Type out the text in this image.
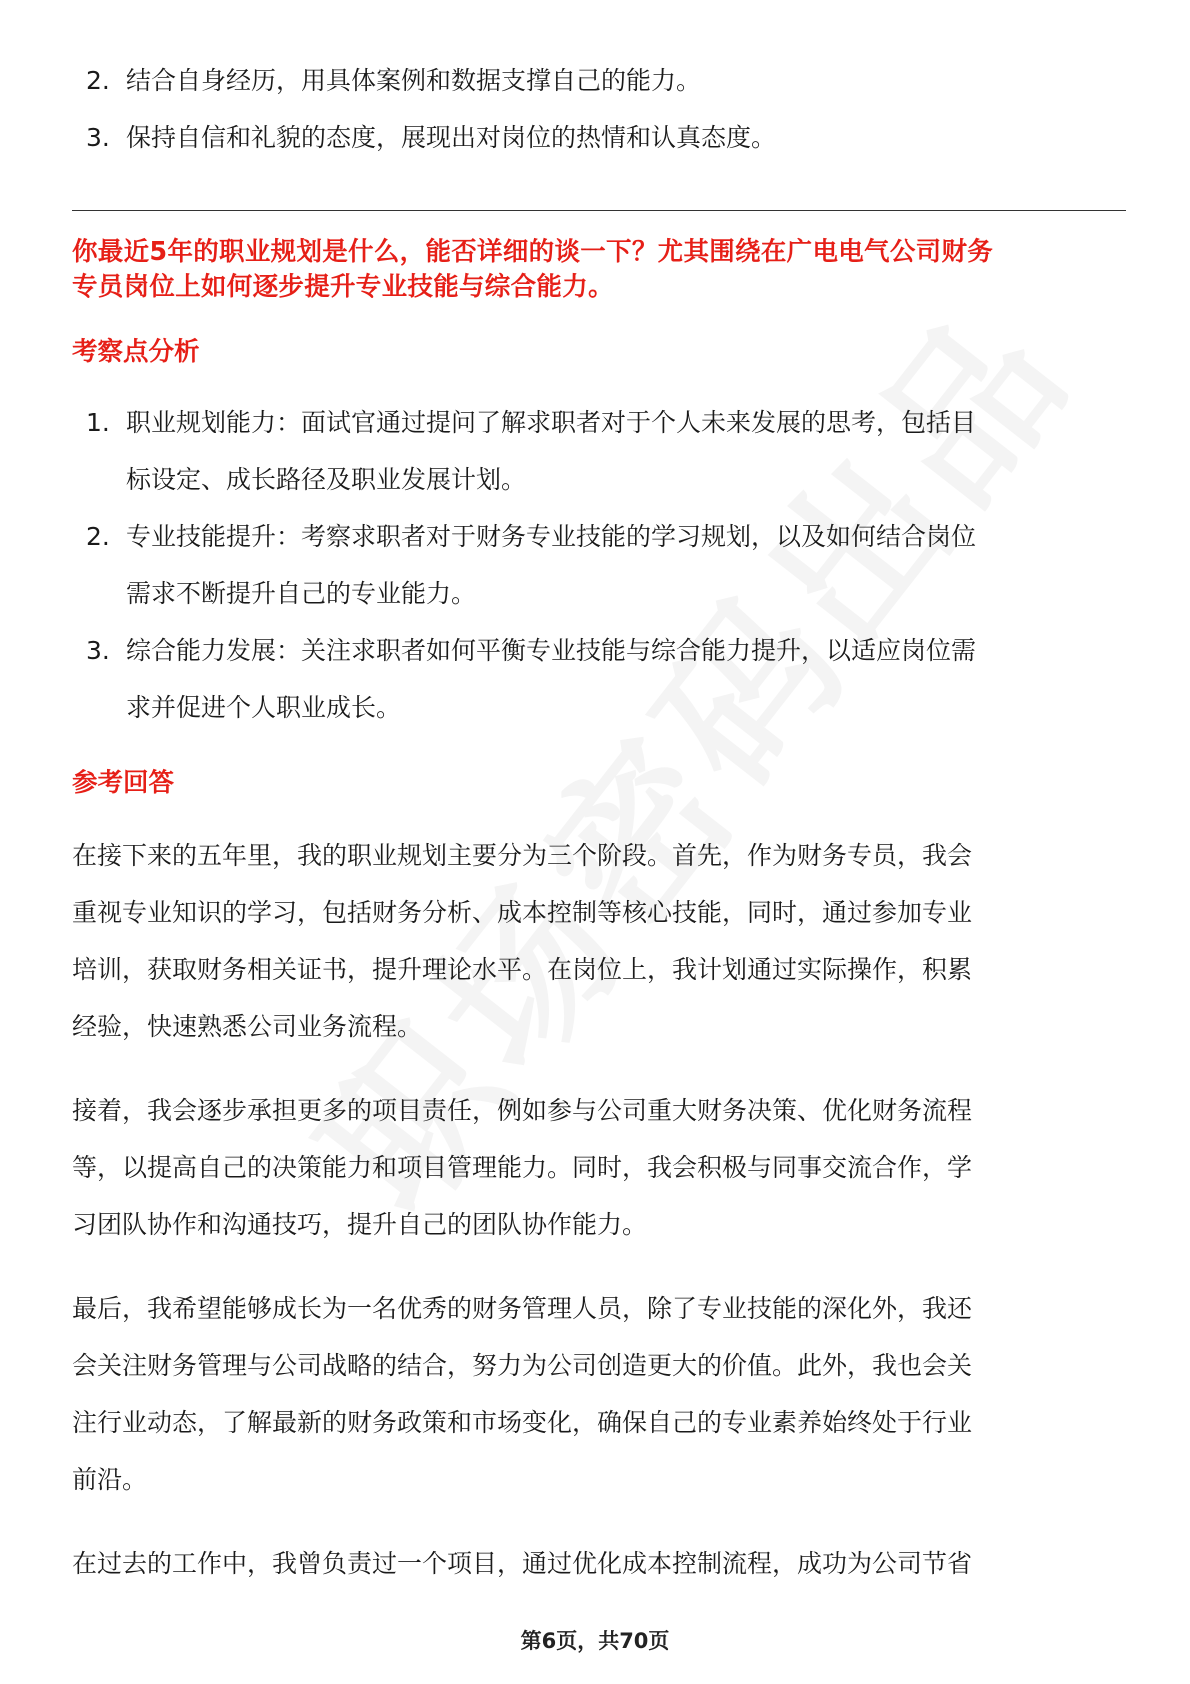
2. 结合自身经历，用具体案例和数据支撑自己的能力。
3. 保持自信和礼貌的态度，展现出对岗位的热情和认真态度。
你最近5年的职业规划是什么，能否详细的谈一下？尤其围绕在广电电气公司财务
专员岗位上如何逐步提升专业技能与综合能力。
考察点分析
1. 职业规划能力：面试官通过提问了解求职者对于个人未来发展的思考，包括目
标设定、成长路径及职业发展计划。
2. 专业技能提升：考察求职者对于财务专业技能的学习规划，以及如何结合岗位
需求不断提升自己的专业能力。
3. 综合能力发展：关注求职者如何平衡专业技能与综合能力提升，以适应岗位需
求并促进个人职业成长。
参考回答

在接下来的五年里，我的职业规划主要分为三个阶段。首先，作为财务专员，我会
重视专业知识的学习，包括财务分析、成本控制等核心技能，同时，通过参加专业
培训，获取财务相关证书，提升理论水平。在岗位上，我计划通过实际操作，积累
经验，快速熟悉公司业务流程。

接着，我会逐步承担更多的项目责任，例如参与公司重大财务决策、优化财务流程
等，以提高自己的决策能力和项目管理能力。同时，我会积极与同事交流合作，学
习团队协作和沟通技巧，提升自己的团队协作能力。

最后，我希望能够成长为一名优秀的财务管理人员，除了专业技能的深化外，我还
会关注财务管理与公司战略的结合，努力为公司创造更大的价值。此外，我也会关
注行业动态，了解最新的财务政策和市场变化，确保自己的专业素养始终处于行业
前沿。

在过去的工作中，我曾负责过一个项目，通过优化成本控制流程，成功为公司节省

第6页，共70页
